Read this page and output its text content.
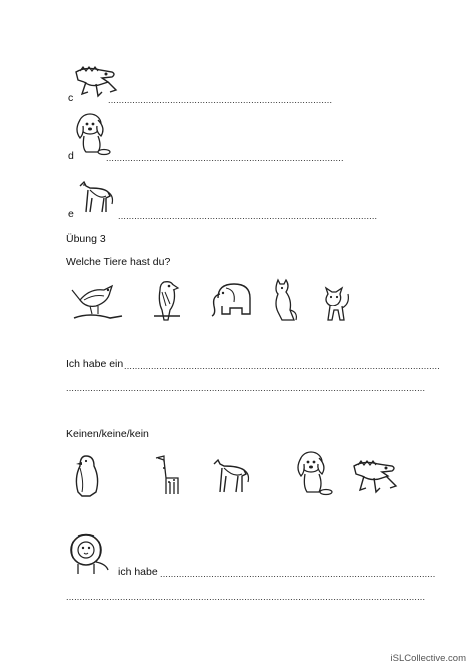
c	...................................................................................
d	........................................................................................
e	................................................................................................
Übung 3
Welche Tiere hast du?
Ich habe ein .....................................................................................................................
.....................................................................................................................................
Keinen/keine/kein
ich habe ......................................................................................................
.....................................................................................................................................
iSLCollective.com
